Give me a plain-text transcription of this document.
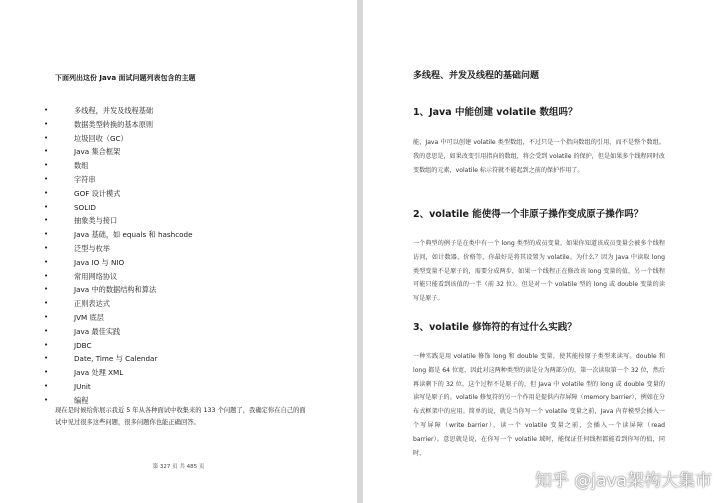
下面列出这份 Java 面试问题列表包含的主题
•	多线程，并发及线程基础
•	数据类型转换的基本原则
•	垃圾回收（GC）
•	Java 集合框架
•	数组
•	字符串
•	GOF 设计模式
•	SOLID
•	抽象类与接口
•	Java 基础，如 equals 和 hashcode
•	泛型与枚举
•	Java IO 与 NIO
•	常用网络协议
•	Java 中的数据结构和算法
•	正则表达式
•	JVM 底层
•	Java 最佳实践
•	JDBC
•	Date, Time 与 Calendar
•	Java 处理 XML
•	JUnit
•	编程
现在是时候给你展示我近 5 年从各种面试中收集来的 133 个问题了，我确定你在自己的面试中见过很多这些问题，很多问题你也能正确回答。
第 327 页 共 485 页
多线程、并发及线程的基础问题
1、Java 中能创建 volatile 数组吗？
能，Java 中可以创建 volatile 类型数组，不过只是一个指向数组的引用，而不是整个数组。我的意思是，如果改变引用指向的数组，将会受到 volatile 的保护，但是如果多个线程同时改变数组的元素，volatile 标示符就不能起到之前的保护作用了。
2、volatile 能使得一个非原子操作变成原子操作吗？
一个典型的例子是在类中有一个 long 类型的成员变量。如果你知道该成员变量会被多个线程访问，如计数器、价格等，你最好是将其设置为 volatile。为什么？因为 Java 中读取 long 类型变量不是原子的，需要分成两步，如果一个线程正在修改该 long 变量的值，另一个线程可能只能看到该值的一半（前 32 位）。但是对一个 volatile 型的 long 或 double 变量的读写是原子。
3、volatile 修饰符的有过什么实践？
一种实践是用 volatile 修饰 long 和 double 变量，使其能按原子类型来读写。double 和 long 都是 64 位宽，因此对这两种类型的读是分为两部分的，第一次读取第一个 32 位，然后再读剩下的 32 位，这个过程不是原子的，但 Java 中 volatile 型的 long 或 double 变量的读写是原子的。volatile 修复符的另一个作用是提供内存屏障（memory barrier），例如在分布式框架中的应用。简单的说，就是当你写一个 volatile 变量之前，Java 内存模型会插入一个写屏障（write barrier），读一个 volatile 变量之前，会插入一个读屏障（read barrier）。意思就是说，在你写一个 volatile 域时，能保证任何线程都能看到你写的值，同时，
知乎 @java架构大集市
